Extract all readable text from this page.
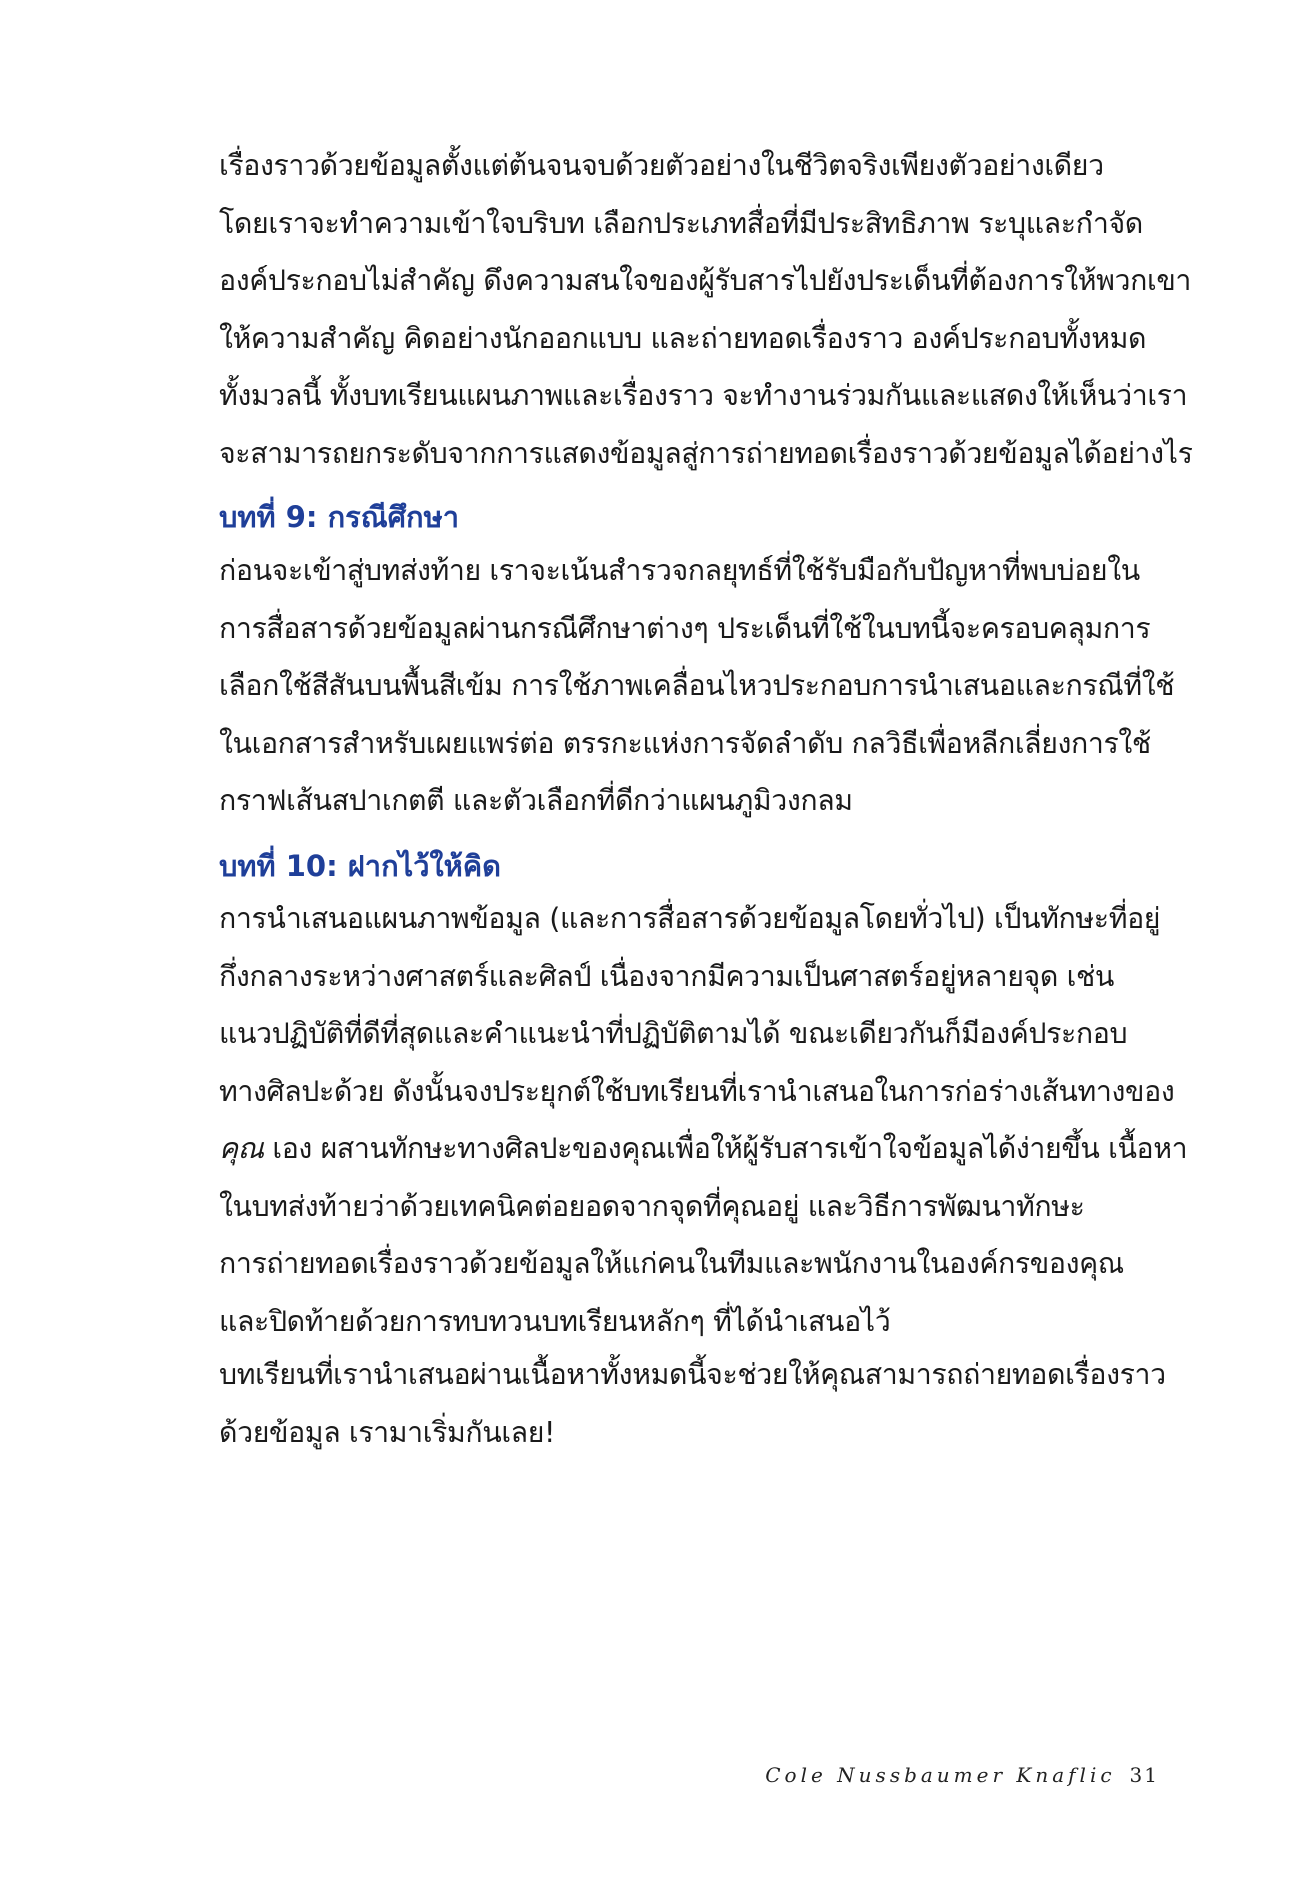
เรื่องราวด้วยข้อมูลตั้งแต่ต้นจนจบด้วยตัวอย่างในชีวิตจริงเพียงตัวอย่างเดียว
โดยเราจะทำความเข้าใจบริบท เลือกประเภทสื่อที่มีประสิทธิภาพ ระบุและกำจัด
องค์ประกอบไม่สำคัญ ดึงความสนใจของผู้รับสารไปยังประเด็นที่ต้องการให้พวกเขา
ให้ความสำคัญ คิดอย่างนักออกแบบ และถ่ายทอดเรื่องราว องค์ประกอบทั้งหมด
ทั้งมวลนี้ ทั้งบทเรียนแผนภาพและเรื่องราว จะทำงานร่วมกันและแสดงให้เห็นว่าเรา
จะสามารถยกระดับจากการแสดงข้อมูลสู่การถ่ายทอดเรื่องราวด้วยข้อมูลได้อย่างไร
บทที่ 9: กรณีศึกษา
ก่อนจะเข้าสู่บทส่งท้าย เราจะเน้นสำรวจกลยุทธ์ที่ใช้รับมือกับปัญหาที่พบบ่อยใน
การสื่อสารด้วยข้อมูลผ่านกรณีศึกษาต่างๆ ประเด็นที่ใช้ในบทนี้จะครอบคลุมการ
เลือกใช้สีสันบนพื้นสีเข้ม การใช้ภาพเคลื่อนไหวประกอบการนำเสนอและกรณีที่ใช้
ในเอกสารสำหรับเผยแพร่ต่อ ตรรกะแห่งการจัดลำดับ กลวิธีเพื่อหลีกเลี่ยงการใช้
กราฟเส้นสปาเกตตี และตัวเลือกที่ดีกว่าแผนภูมิวงกลม
บทที่ 10: ฝากไว้ให้คิด
การนำเสนอแผนภาพข้อมูล (และการสื่อสารด้วยข้อมูลโดยทั่วไป) เป็นทักษะที่อยู่
กึ่งกลางระหว่างศาสตร์และศิลป์ เนื่องจากมีความเป็นศาสตร์อยู่หลายจุด เช่น
แนวปฏิบัติที่ดีที่สุดและคำแนะนำที่ปฏิบัติตามได้ ขณะเดียวกันก็มีองค์ประกอบ
ทางศิลปะด้วย ดังนั้นจงประยุกต์ใช้บทเรียนที่เรานำเสนอในการก่อร่างเส้นทางของ
คุณ เอง ผสานทักษะทางศิลปะของคุณเพื่อให้ผู้รับสารเข้าใจข้อมูลได้ง่ายขึ้น เนื้อหา
ในบทส่งท้ายว่าด้วยเทคนิคต่อยอดจากจุดที่คุณอยู่ และวิธีการพัฒนาทักษะ
การถ่ายทอดเรื่องราวด้วยข้อมูลให้แก่คนในทีมและพนักงานในองค์กรของคุณ
และปิดท้ายด้วยการทบทวนบทเรียนหลักๆ ที่ได้นำเสนอไว้
บทเรียนที่เรานำเสนอผ่านเนื้อหาทั้งหมดนี้จะช่วยให้คุณสามารถถ่ายทอดเรื่องราว
ด้วยข้อมูล เรามาเริ่มกันเลย!
Cole Nussbaumer Knaflic 31
